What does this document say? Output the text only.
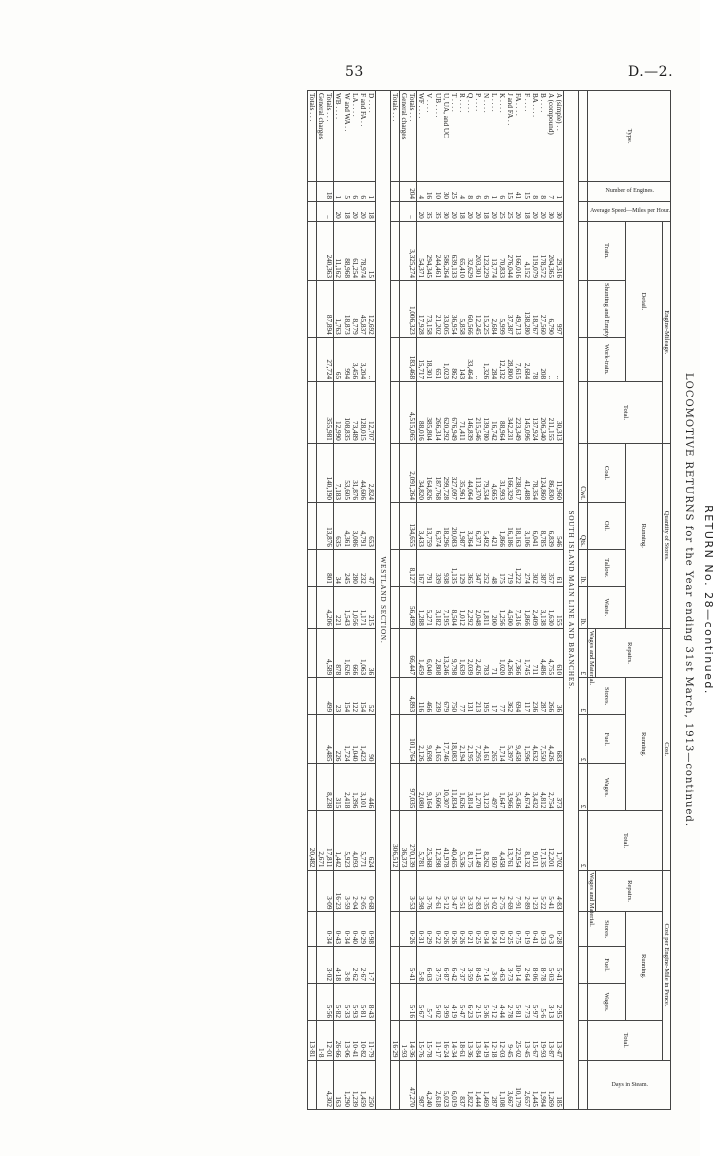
53	D.—2.
RETURN No. 28—continued.
LOCOMOTIVE RETURNS for the Year ending 31st March, 1913—continued.
Type.	Number of Engines.	Average Speed—Miles per Hour.	Engine-Mileage.				Quantity of Stores.				Cost.					Cost per Engine-Mile in Pence.					Days in Steam.
			Detail.			Total.	Running.				Repairs.	Running.			Total.	Repairs.	Running.			Total.	
			Train.	Shunting and Empty.	Work-train.		Coal.	Oil.	Tallow.	Waste.		Stores.	Fuel.	Wages.			Stores.	Fuel.	Wages.		
											Wages and Material.					Wages and Material.					
							Cwt.	Qts.	lb.	lb.	£	£	£	£	£						
SOUTH ISLAND MAIN LINE AND BRANCHES.																					
A (simple) . .	1	30	29,316	997	..	30,313	11,960	546	61	155	610	36	683	373	1,702	4·83	0·28	5·41	2·95	13·47	185
A (compound)	7	30	204,365	6,790	..	211,155	86,830	6,839	357	1,630	4,755	266	4,426	2,754	12,201	5·41	0·3	5·03	3·13	13·87	1,269
B . . . .	8	20	178,572	27,560	208	206,340	124,860	8,785	387	3,138	4,486	287	7,550	4,812	17,135	5·22	0·33	8·78	5·6	19·93	1,994
BA . . . .	8	20	119,079	18,767	78	137,924	78,354	6,041	302	2,409	711	236	4,632	3,432	9,011	1·23	0·41	8·06	5·97	15·67	1,445
F . . . .	15	18	4,152	138,280	2,684	145,096	41,488	3,106	274	1,866	1,745	117	1,596	4,674	8,132	2·89	0·19	2·64	7·73	13·45	2,657
FA . . . .	41	20	166,016	49,713	7,615	223,349	238,617	18,163	1,222	7,316	7,366	694	9,458	5,436	22,954	7·91	0·75	10·14	5·81	25·02	10,179
J and FA . .	15	25	276,044	37,387	28,800	342,231	166,329	16,186	719	4,500	4,266	362	5,397	3,966	13,761	2·69	0·25	3·73	2·78	9·45	3,667
K . . . .	6	25	70,833	5,999	12,132	88,964	31,993	1,866	175	1,256	1,020	77	1,714	1,647	4,458	2·75	0·21	4·63	4·44	12·03	1,108
L . . . .	1	20	13,774	2,684	284	16,742	4,665	421	48	200	71	17	265	497	850	1·02	0·24	3·8	7·12	12·18	287
N . . . .	6	18	123,229	15,225	1,326	139,780	79,534	5,492	252	1,811	783	195	4,161	3,123	8,262	1·35	0·34	7·14	5·36	14·19	1,469
P . . . .	6	20	203,301	12,245	..	215,546	113,370	6,371	347	2,048	2,426	213	7,295	1,270	11,149	2·83	0·25	8·45	2·15	13·84	1,444
Q . . . .	8	20	32,629	60,566	33,464	146,839	44,064	3,364	365	2,292	2,039	131	2,195	3,814	8,175	3·33	0·21	3·59	6·23	13·36	1,822
R . . . .	4	18	65,410	5,858	143	71,411	35,961	1,987	129	1,012	1,639	77	2,194	1,626	5,536	5·51	0·26	7·37	5·47	18·61	837
T . . . .	25	20	639,133	36,954	862	676,949	327,097	20,083	1,135	8,504	9,798	750	18,083	11,834	40,465	3·47	0·26	6·42	4·19	14·34	6,019
U, UA, and UC	30	30	586,264	33,005	1,023	620,292	299,728	18,296	938	7,195	13,246	679	17,746	10,307	41,978	5·12	0·26	6·87	3·99	16·24	5,023
UB . . . .	10	35	244,461	21,202	651	266,314	187,768	6,374	339	3,182	2,808	239	4,165	5,606	12,398	2·61	0·22	3·75	5·02	11·17	2,618
V . . . .	16	35	294,345	73,158	18,301	385,804	164,826	13,759	791	5,271	6,040	466	9,698	9,164	25,368	3·76	0·29	6·03	5·7	15·78	4,240
WF . . . .	4	20	54,371	17,928	15,717	88,016	34,820	3,433	167	1,288	1,459	116	2,126	2,080	5,781	3·98	0·31	5·8	5·67	15·76	987
Totals . . .	204	..	3,325,274	1,006,323	183,468	4,515,065	2,091,264	134,655	8,127	56,499	66,447	4,893	101,764	97,035	270,139	3·53	0·26	5·41	5·16	14·36	47,270
General charges															36,373					1·93	
Totals . . .															306,512					16·29	
WESTLAND SECTION.																					
D . . . .	1	18	15	12,692	..	12,707	2,824	653	47	215	36	52	90	446	624	0·68	0·98	1·7	8·43	11·79	250
F and FA . .	6	20	78,974	45,837	3,204	128,015	44,606	4,791	232	1,171	1,063	154	1,423	3,101	5,771	2·05	0·29	2·67	5·81	10·82	1,459
LA . . . .	6	20	61,254	8,779	3,456	73,489	31,876	3,086	280	1,056	666	122	1,040	1,396	4,093	2·04	0·40	2·62	5·93	10·41	1,239
W and WA . .	5	18	88,968	18,873	994	108,835	53,605	4,361	245	1,543	1,626	154	1,724	2,418	5,923	3·59	0·34	3·8	5·33	13·06	1,290
WB . . . .	1	20	11,162	1,763	65	12,990	7,183	635	34	221	878	23	226	315	1,442	16·23	0·43	4·18	5·82	26·66	163
Totals . . .	18	..	240,363	87,894	27,724	355,981	140,190	13,876	801	4,206	4,589	499	4,485	8,238	17,811	3·09	0·34	3·02	5·56	12·01	4,302
General charges															2,671					1·8	
Totals . . .															20,482					13·81	
